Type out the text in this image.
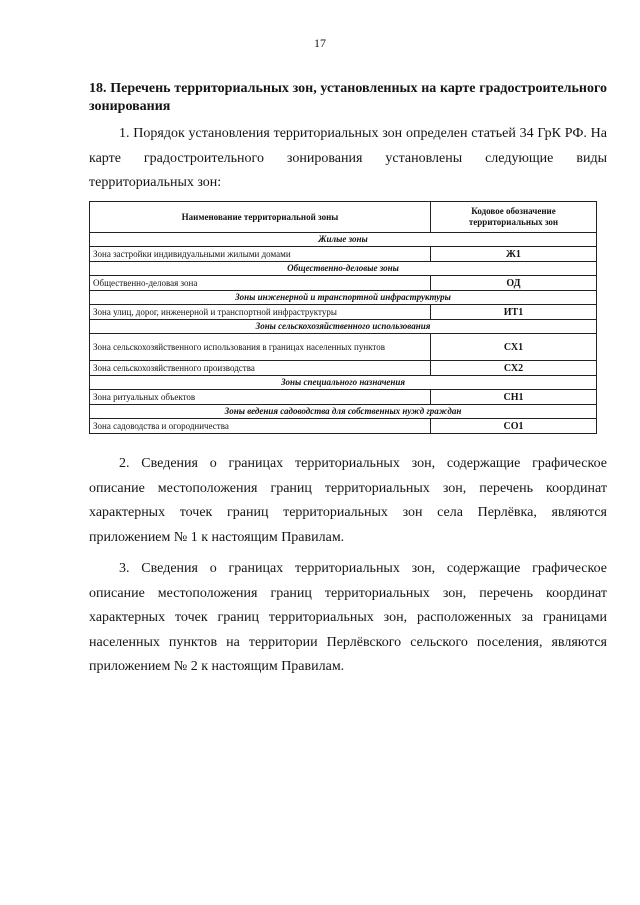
17
18. Перечень территориальных зон, установленных на карте градостроительного зонирования
1. Порядок установления территориальных зон определен статьей 34 ГрК РФ. На карте градостроительного зонирования установлены следующие виды территориальных зон:
Наименование территориальной зоны	Кодовое обозначение территориальных зон
Жилые зоны	
Зона застройки индивидуальными жилыми домами	Ж1
Общественно-деловые зоны	
Общественно-деловая зона	ОД
Зоны инженерной и транспортной инфраструктуры	
Зона улиц, дорог, инженерной и транспортной инфраструктуры	ИТ1
Зоны сельскохозяйственного использования	
Зона сельскохозяйственного использования в границах населенных пунктов	СХ1
Зона сельскохозяйственного производства	СХ2
Зоны специального назначения	
Зона ритуальных объектов	СН1
Зоны ведения садоводства для собственных нужд граждан	
Зона садоводства и огородничества	СО1
2. Сведения о границах территориальных зон, содержащие графическое описание местоположения границ территориальных зон, перечень координат характерных точек границ территориальных зон села Перлёвка, являются приложением № 1 к настоящим Правилам.
3. Сведения о границах территориальных зон, содержащие графическое описание местоположения границ территориальных зон, перечень координат характерных точек границ территориальных зон, расположенных за границами населенных пунктов на территории Перлёвского сельского поселения, являются приложением № 2 к настоящим Правилам.
